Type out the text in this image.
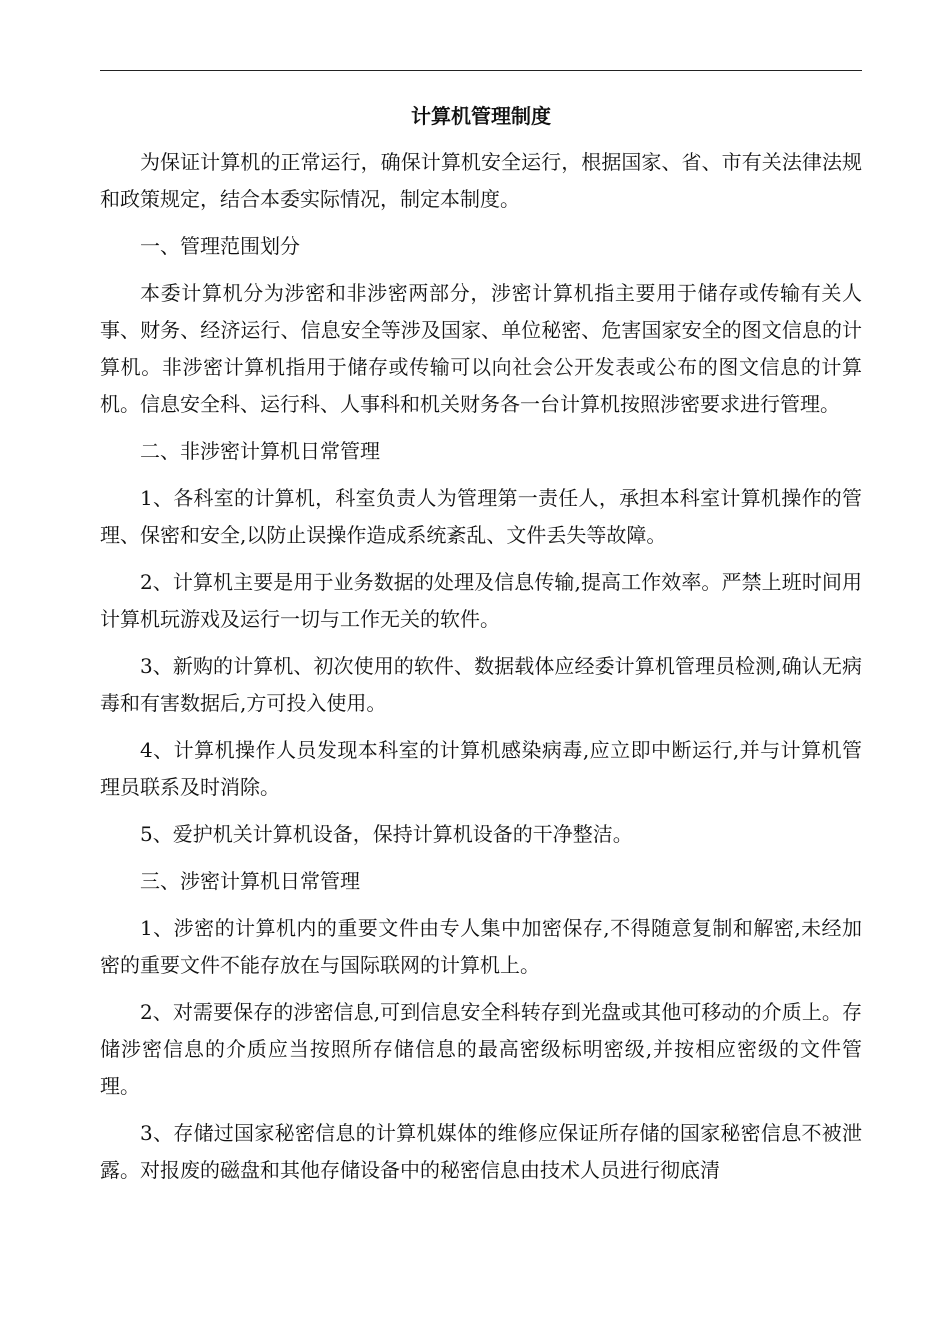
计算机管理制度

为保证计算机的正常运行，确保计算机安全运行，根据国家、省、市有关法律法规和政策规定，结合本委实际情况，制定本制度。

一、管理范围划分

本委计算机分为涉密和非涉密两部分，涉密计算机指主要用于储存或传输有关人事、财务、经济运行、信息安全等涉及国家、单位秘密、危害国家安全的图文信息的计算机。非涉密计算机指用于储存或传输可以向社会公开发表或公布的图文信息的计算机。信息安全科、运行科、人事科和机关财务各一台计算机按照涉密要求进行管理。

二、非涉密计算机日常管理

1、各科室的计算机，科室负责人为管理第一责任人，承担本科室计算机操作的管理、保密和安全,以防止误操作造成系统紊乱、文件丢失等故障。

2、计算机主要是用于业务数据的处理及信息传输,提高工作效率。严禁上班时间用计算机玩游戏及运行一切与工作无关的软件。

3、新购的计算机、初次使用的软件、数据载体应经委计算机管理员检测,确认无病毒和有害数据后,方可投入使用。

4、计算机操作人员发现本科室的计算机感染病毒,应立即中断运行,并与计算机管理员联系及时消除。

5、爱护机关计算机设备，保持计算机设备的干净整洁。

三、涉密计算机日常管理

1、涉密的计算机内的重要文件由专人集中加密保存,不得随意复制和解密,未经加密的重要文件不能存放在与国际联网的计算机上。

2、对需要保存的涉密信息,可到信息安全科转存到光盘或其他可移动的介质上。存储涉密信息的介质应当按照所存储信息的最高密级标明密级,并按相应密级的文件管理。

3、存储过国家秘密信息的计算机媒体的维修应保证所存储的国家秘密信息不被泄露。对报废的磁盘和其他存储设备中的秘密信息由技术人员进行彻底清
